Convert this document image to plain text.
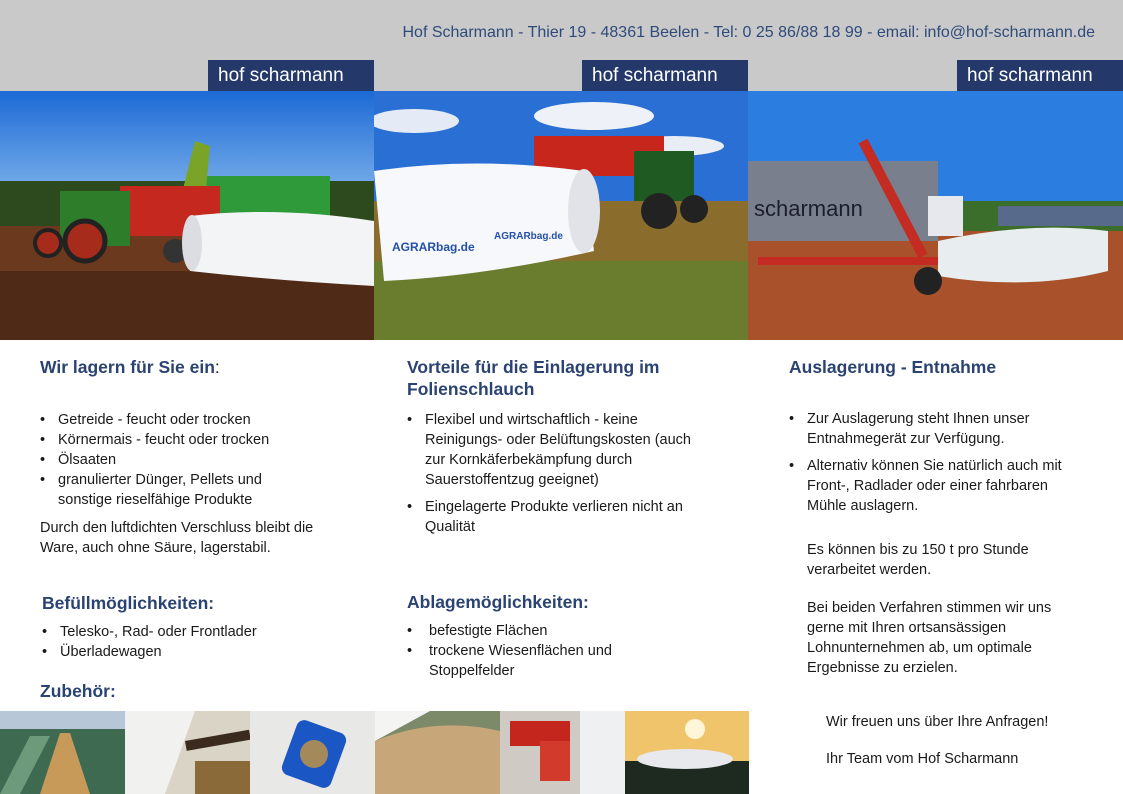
Hof Scharmann - Thier 19 - 48361 Beelen - Tel: 0 25 86/88 18 99 - email: info@hof-scharmann.de
hof scharmann	hof scharmann	hof scharmann
AGRARbag.de
AGRARbag.de
scharmann
Wir lagern für Sie ein:
• Getreide - feucht oder trocken
• Körnermais - feucht oder trocken
• Ölsaaten
• granulierter Dünger, Pellets und sonstige rieselfähige Produkte

Durch den luftdichten Verschluss bleibt die Ware, auch ohne Säure, lagerstabil.

Befüllmöglichkeiten:
• Telesko-, Rad- oder Frontlader
• Überladewagen
Zubehör:
Vorteile für die Einlagerung im Folienschlauch
• Flexibel und wirtschaftlich - keine Reinigungs- oder Belüftungskosten (auch zur Kornkäferbekämpfung durch Sauerstoffentzug geeignet)
• Eingelagerte Produkte verlieren nicht an Qualität
Ablagemöglichkeiten:
• befestigte Flächen
• trockene Wiesenflächen und Stoppelfelder
Auslagerung - Entnahme
• Zur Auslagerung steht Ihnen unser Entnahmegerät zur Verfügung.
• Alternativ können Sie natürlich auch mit Front-, Radlader oder einer fahrbaren Mühle auslagern.

Es können bis zu 150 t pro Stunde verarbeitet werden.

Bei beiden Verfahren stimmen wir uns gerne mit Ihren ortsansässigen Lohnunternehmen ab, um optimale Ergebnisse zu erzielen.

Wir freuen uns über Ihre Anfragen!

Ihr Team vom Hof Scharmann
